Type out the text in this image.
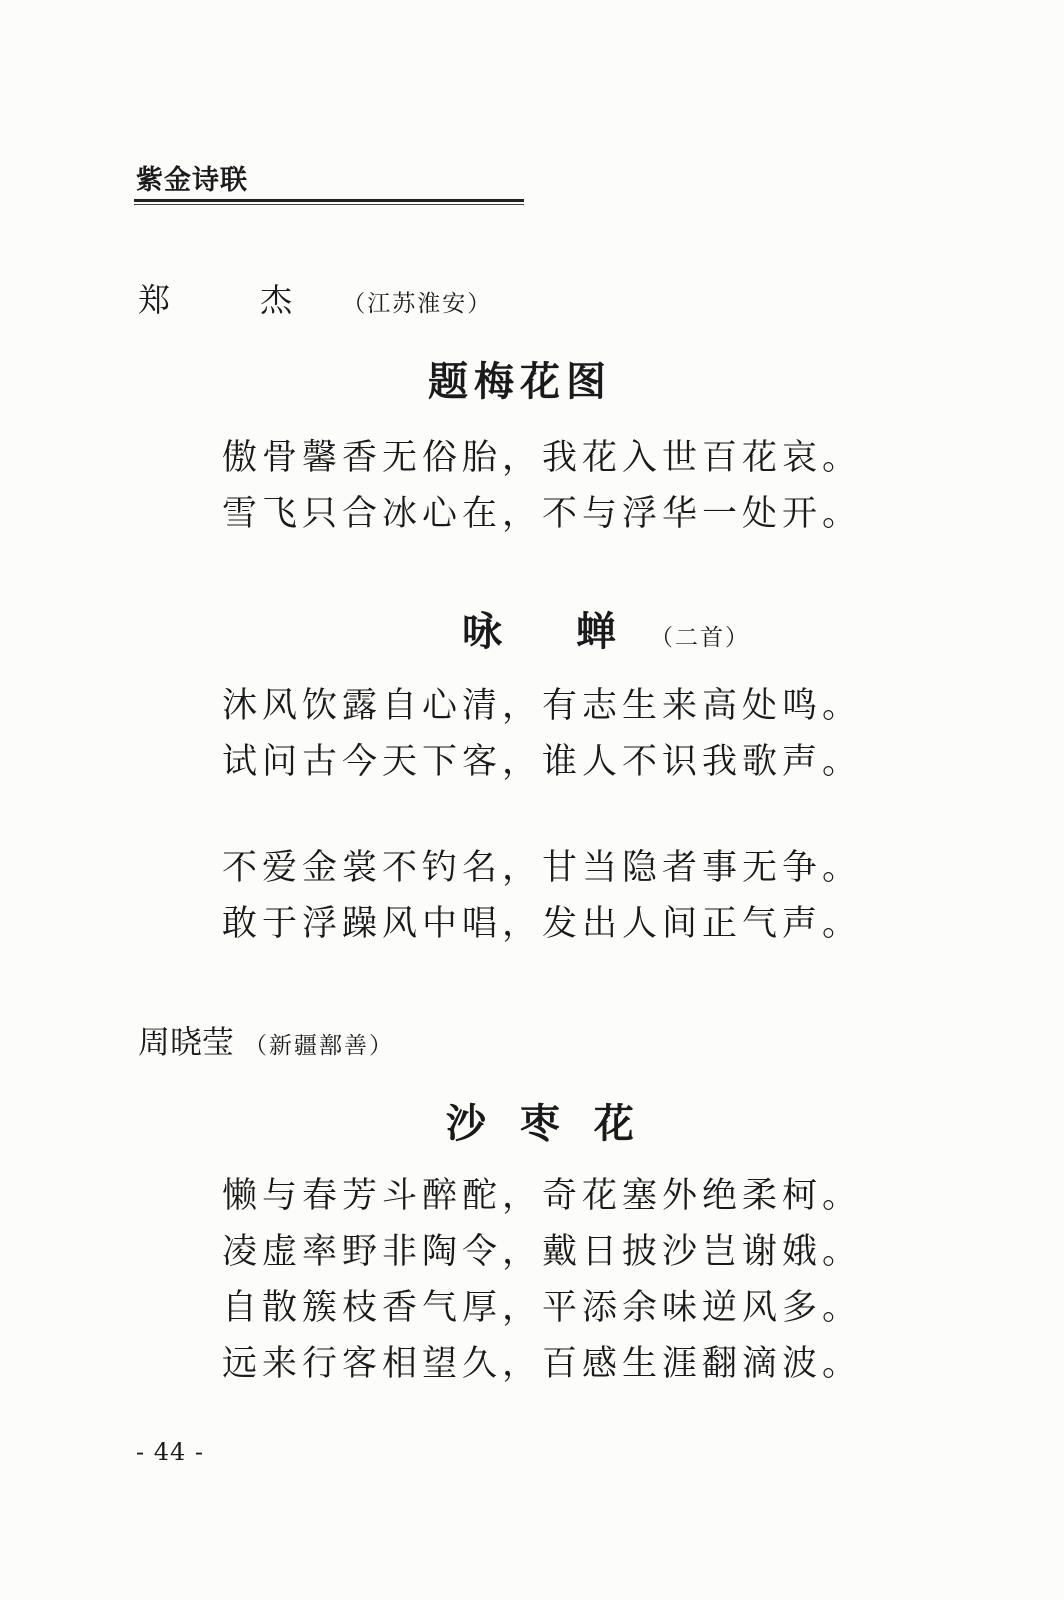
紫金诗联
郑 杰 （江苏淮安）
题梅花图
傲骨馨香无俗胎，我花入世百花哀。
雪飞只合冰心在，不与浮华一处开。
咏 蝉 （二首）
沐风饮露自心清，有志生来高处鸣。
试问古今天下客，谁人不识我歌声。
不爱金裳不钓名，甘当隐者事无争。
敢于浮躁风中唱，发出人间正气声。
周晓莹 （新疆鄯善）
沙 枣 花
懒与春芳斗醉酡，奇花塞外绝柔柯。
凌虚率野非陶令，戴日披沙岂谢娥。
自散簇枝香气厚，平添余味逆风多。
远来行客相望久，百感生涯翻滴波。
- 44 -
